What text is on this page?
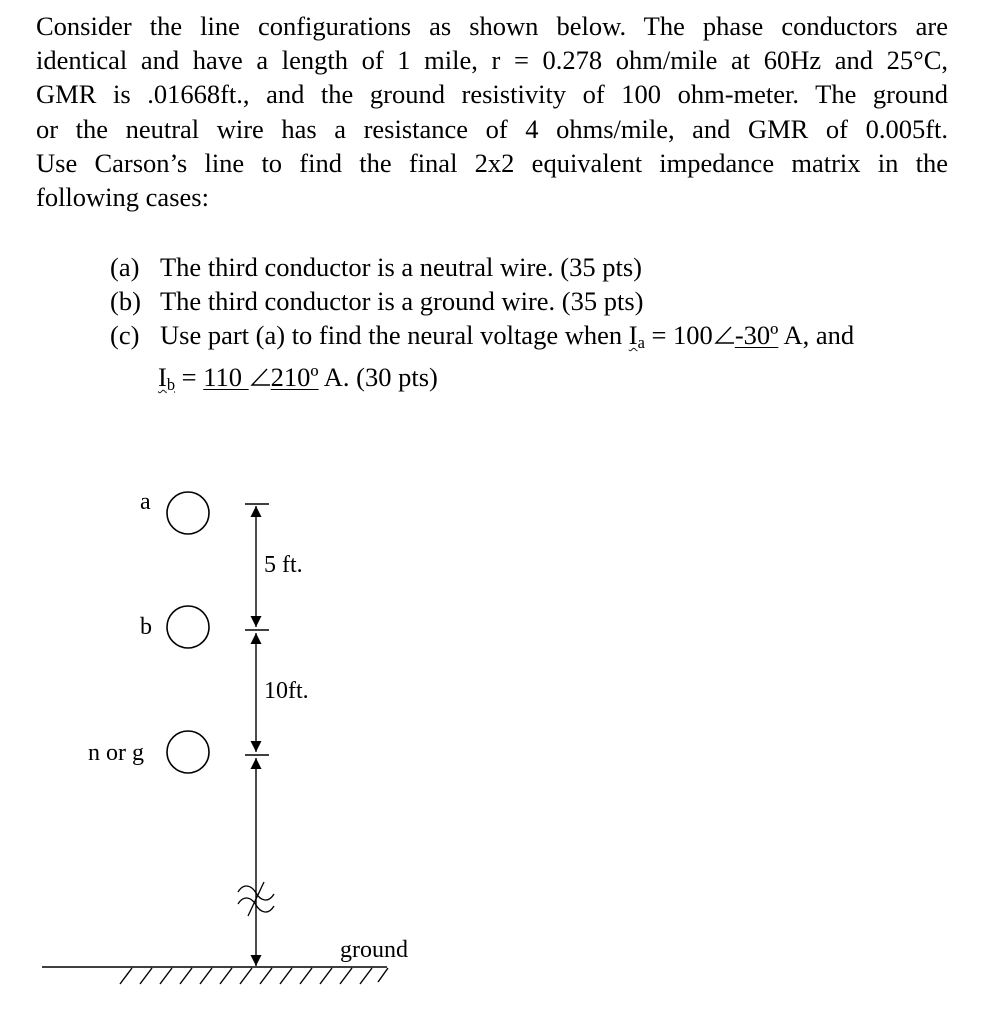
Consider the line configurations as shown below. The phase conductors are
identical and have a length of 1 mile, r = 0.278 ohm/mile at 60Hz and 25°C,
GMR is .01668ft., and the ground resistivity of 100 ohm-meter. The ground
or the neutral wire has a resistance of 4 ohms/mile, and GMR of 0.005ft.
Use Carson’s line to find the final 2x2 equivalent impedance matrix in the
following cases:
(a) The third conductor is a neutral wire. (35 pts)
(b) The third conductor is a ground wire. (35 pts)
(c) Use part (a) to find the neural voltage when $I_a = 100$ -30º A, and
$I_b = 110$
210º A. (30 pts)
a
b
n or g
5 ft.
10ft.
ground
